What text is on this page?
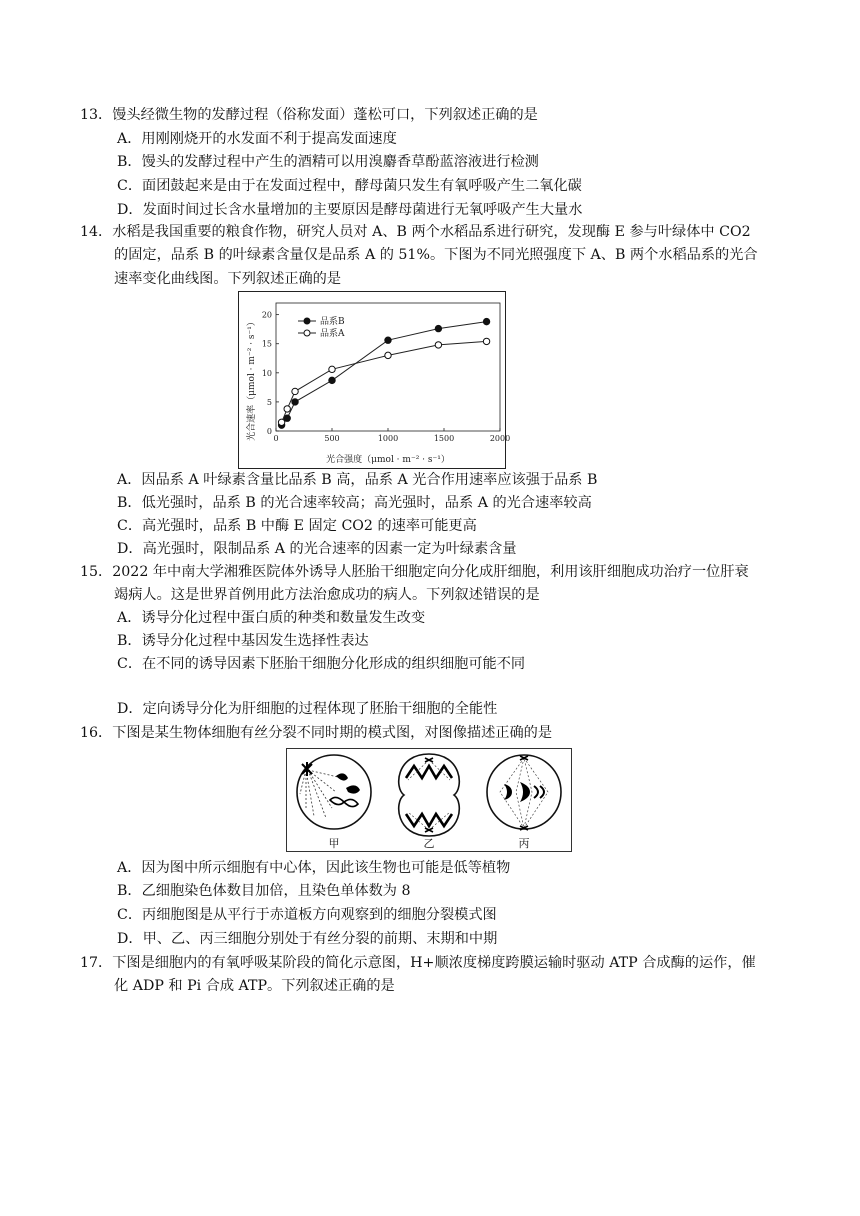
13．馒头经微生物的发酵过程（俗称发面）蓬松可口，下列叙述正确的是
A．用刚刚烧开的水发面不利于提高发面速度
B．馒头的发酵过程中产生的酒精可以用溴麝香草酚蓝溶液进行检测
C．面团鼓起来是由于在发面过程中，酵母菌只发生有氧呼吸产生二氧化碳
D．发面时间过长含水量增加的主要原因是酵母菌进行无氧呼吸产生大量水
14．水稻是我国重要的粮食作物，研究人员对 A、B 两个水稻品系进行研究，发现酶 E 参与叶绿体中 CO2
的固定，品系 B 的叶绿素含量仅是品系 A 的 51%。下图为不同光照强度下 A、B 两个水稻品系的光合
速率变化曲线图。下列叙述正确的是
0	500	1000	1500	2000
0
5
10
15
20
品系B
品系A
光合强度（μmol · m⁻² · s⁻¹）
光合速率（μmol · m⁻² · s⁻¹）
A．因品系 A 叶绿素含量比品系 B 高，品系 A 光合作用速率应该强于品系 B
B．低光强时，品系 B 的光合速率较高；高光强时，品系 A 的光合速率较高
C．高光强时，品系 B 中酶 E 固定 CO2 的速率可能更高
D．高光强时，限制品系 A 的光合速率的因素一定为叶绿素含量
15．2022 年中南大学湘雅医院体外诱导人胚胎干细胞定向分化成肝细胞，利用该肝细胞成功治疗一位肝衰
竭病人。这是世界首例用此方法治愈成功的病人。下列叙述错误的是
A．诱导分化过程中蛋白质的种类和数量发生改变
B．诱导分化过程中基因发生选择性表达
C．在不同的诱导因素下胚胎干细胞分化形成的组织细胞可能不同
D．定向诱导分化为肝细胞的过程体现了胚胎干细胞的全能性
16．下图是某生物体细胞有丝分裂不同时期的模式图，对图像描述正确的是
甲	乙	丙
A．因为图中所示细胞有中心体，因此该生物也可能是低等植物
B．乙细胞染色体数目加倍，且染色单体数为 8
C．丙细胞图是从平行于赤道板方向观察到的细胞分裂模式图
D．甲、乙、丙三细胞分别处于有丝分裂的前期、末期和中期
17．下图是细胞内的有氧呼吸某阶段的简化示意图，H+顺浓度梯度跨膜运输时驱动 ATP 合成酶的运作，催
化 ADP 和 Pi 合成 ATP。下列叙述正确的是
